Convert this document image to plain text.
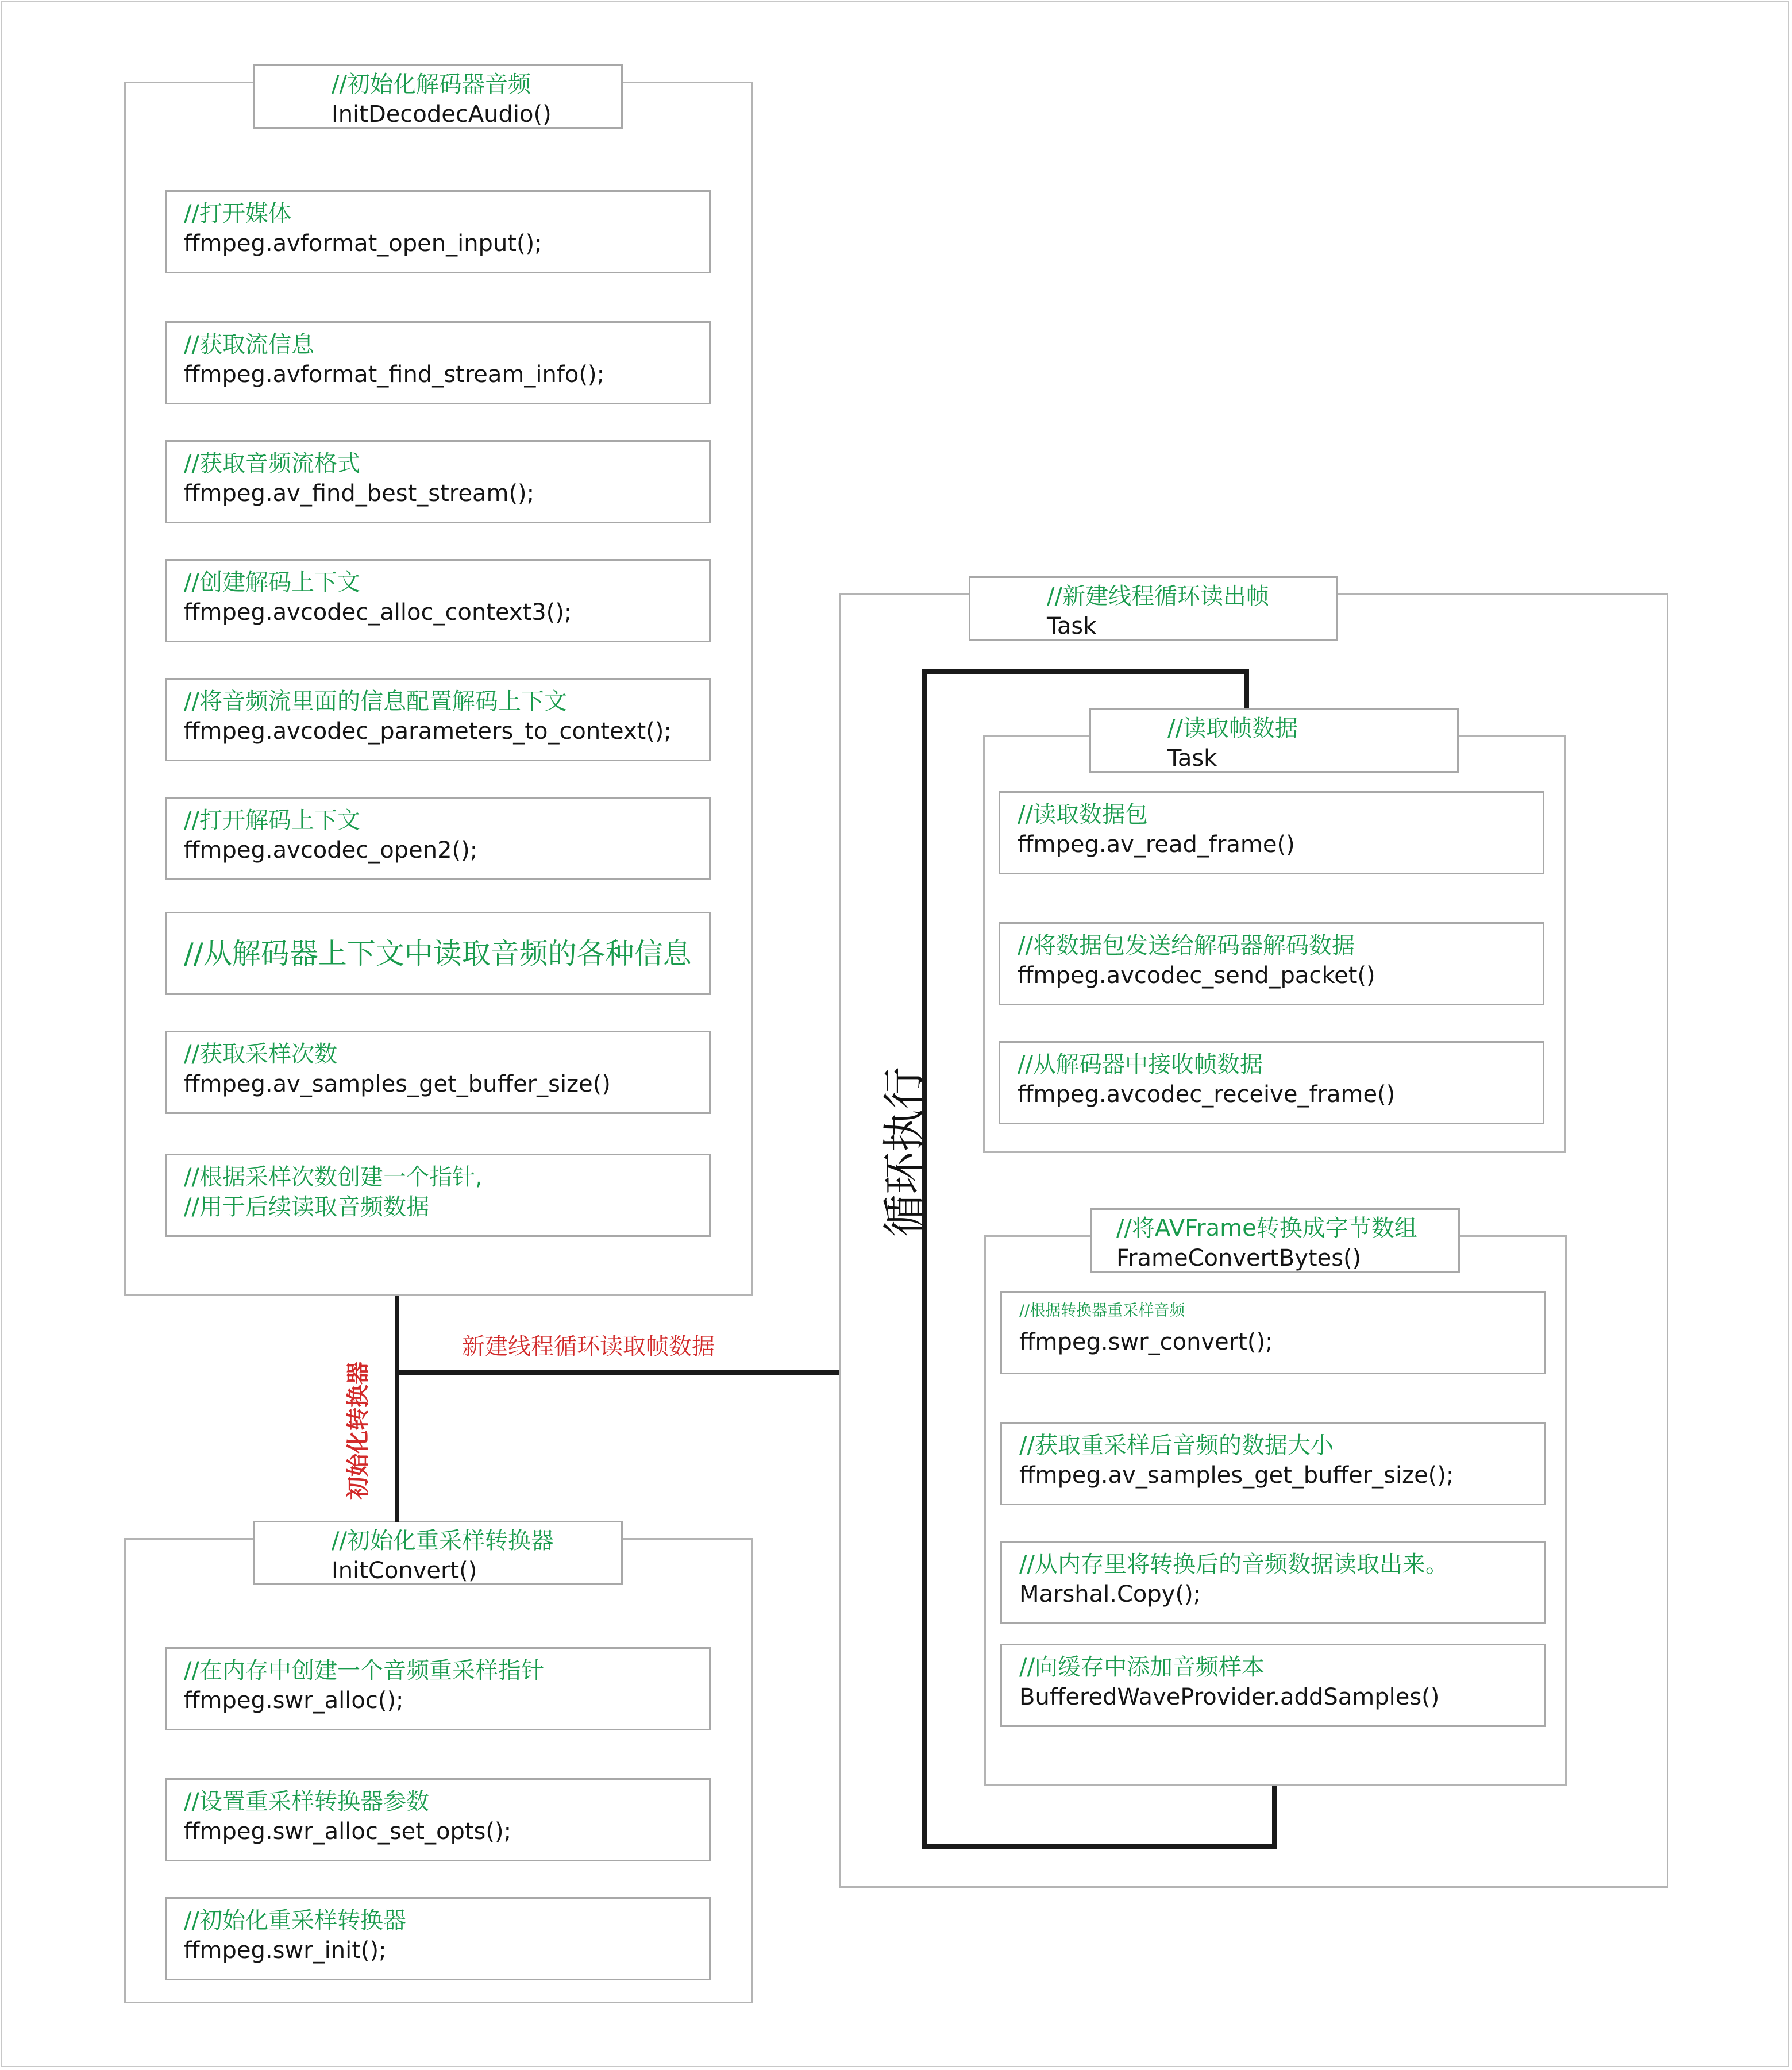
//初始化解码器音频
InitDecodecAudio()
//打开媒体
ffmpeg.avformat_open_input();
//获取流信息
ffmpeg.avformat_find_stream_info();
//获取音频流格式
ffmpeg.av_find_best_stream();
//创建解码上下文
ffmpeg.avcodec_alloc_context3();
//将音频流里面的信息配置解码上下文
ffmpeg.avcodec_parameters_to_context();
//打开解码上下文
ffmpeg.avcodec_open2();
//从解码器上下文中读取音频的各种信息
//获取采样次数
ffmpeg.av_samples_get_buffer_size()
//根据采样次数创建一个指针,
//用于后续读取音频数据
//初始化重采样转换器
InitConvert()
//在内存中创建一个音频重采样指针
ffmpeg.swr_alloc();
//设置重采样转换器参数
ffmpeg.swr_alloc_set_opts();
//初始化重采样转换器
ffmpeg.swr_init();
//新建线程循环读出帧
Task
循环执行
//读取帧数据
Task
//读取数据包
ffmpeg.av_read_frame()
//将数据包发送给解码器解码数据
ffmpeg.avcodec_send_packet()
//从解码器中接收帧数据
ffmpeg.avcodec_receive_frame()
//将AVFrame转换成字节数组
FrameConvertBytes()
//根据转换器重采样音频
ffmpeg.swr_convert();
//获取重采样后音频的数据大小
ffmpeg.av_samples_get_buffer_size();
//从内存里将转换后的音频数据读取出来。
Marshal.Copy();
//向缓存中添加音频样本
BufferedWaveProvider.addSamples()
初始化转换器
新建线程循环读取帧数据
